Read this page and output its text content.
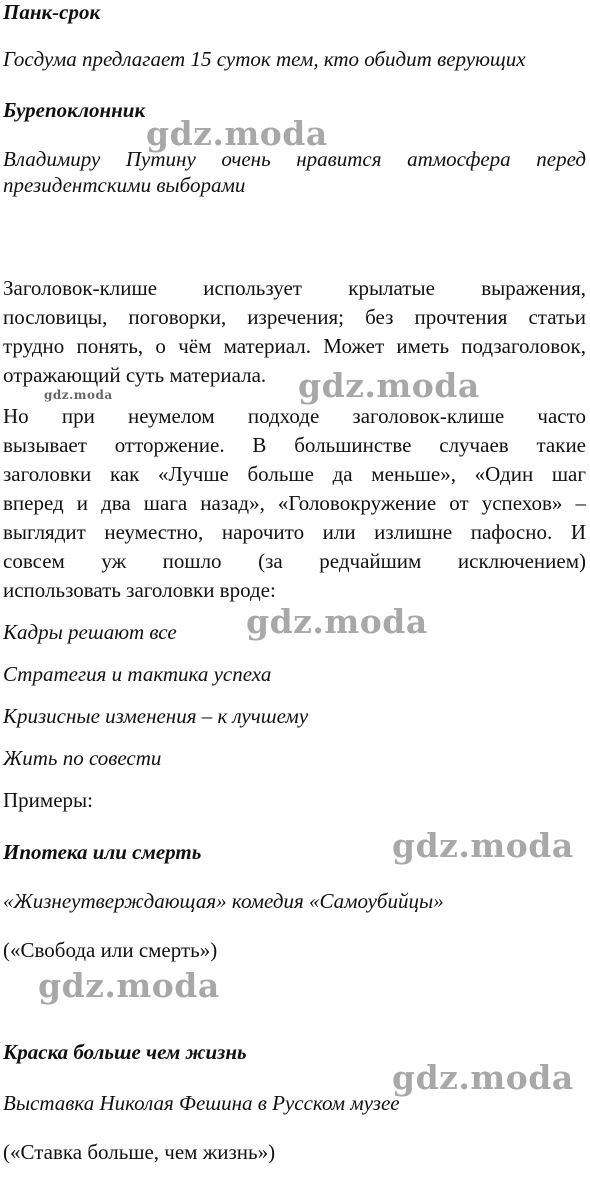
Панк-срок
Госдума предлагает 15 суток тем, кто обидит верующих
Бурепоклонник
Владимиру Путину очень нравится атмосфера перед
президентскими выборами
Заголовок-клише использует крылатые выражения,
пословицы, поговорки, изречения; без прочтения статьи
трудно понять, о чём материал. Может иметь подзаголовок,
отражающий суть материала.
Но при неумелом подходе заголовок-клише часто
вызывает отторжение. В большинстве случаев такие
заголовки как «Лучше больше да меньше», «Один шаг
вперед и два шага назад», «Головокружение от успехов» –
выглядит неуместно, нарочито или излишне пафосно. И
совсем уж пошло (за редчайшим исключением)
использовать заголовки вроде:
Кадры решают все
Стратегия и тактика успеха
Кризисные изменения – к лучшему
Жить по совести
Примеры:
Ипотека или смерть
«Жизнеутверждающая» комедия «Самоубийцы»
(«Свобода или смерть»)
Краска больше чем жизнь
Выставка Николая Фешина в Русском музее
(«Ставка больше, чем жизнь»)
gdz.moda
gdz.moda	gdz.moda
gdz.moda
gdz.moda
gdz.moda
gdz.moda
